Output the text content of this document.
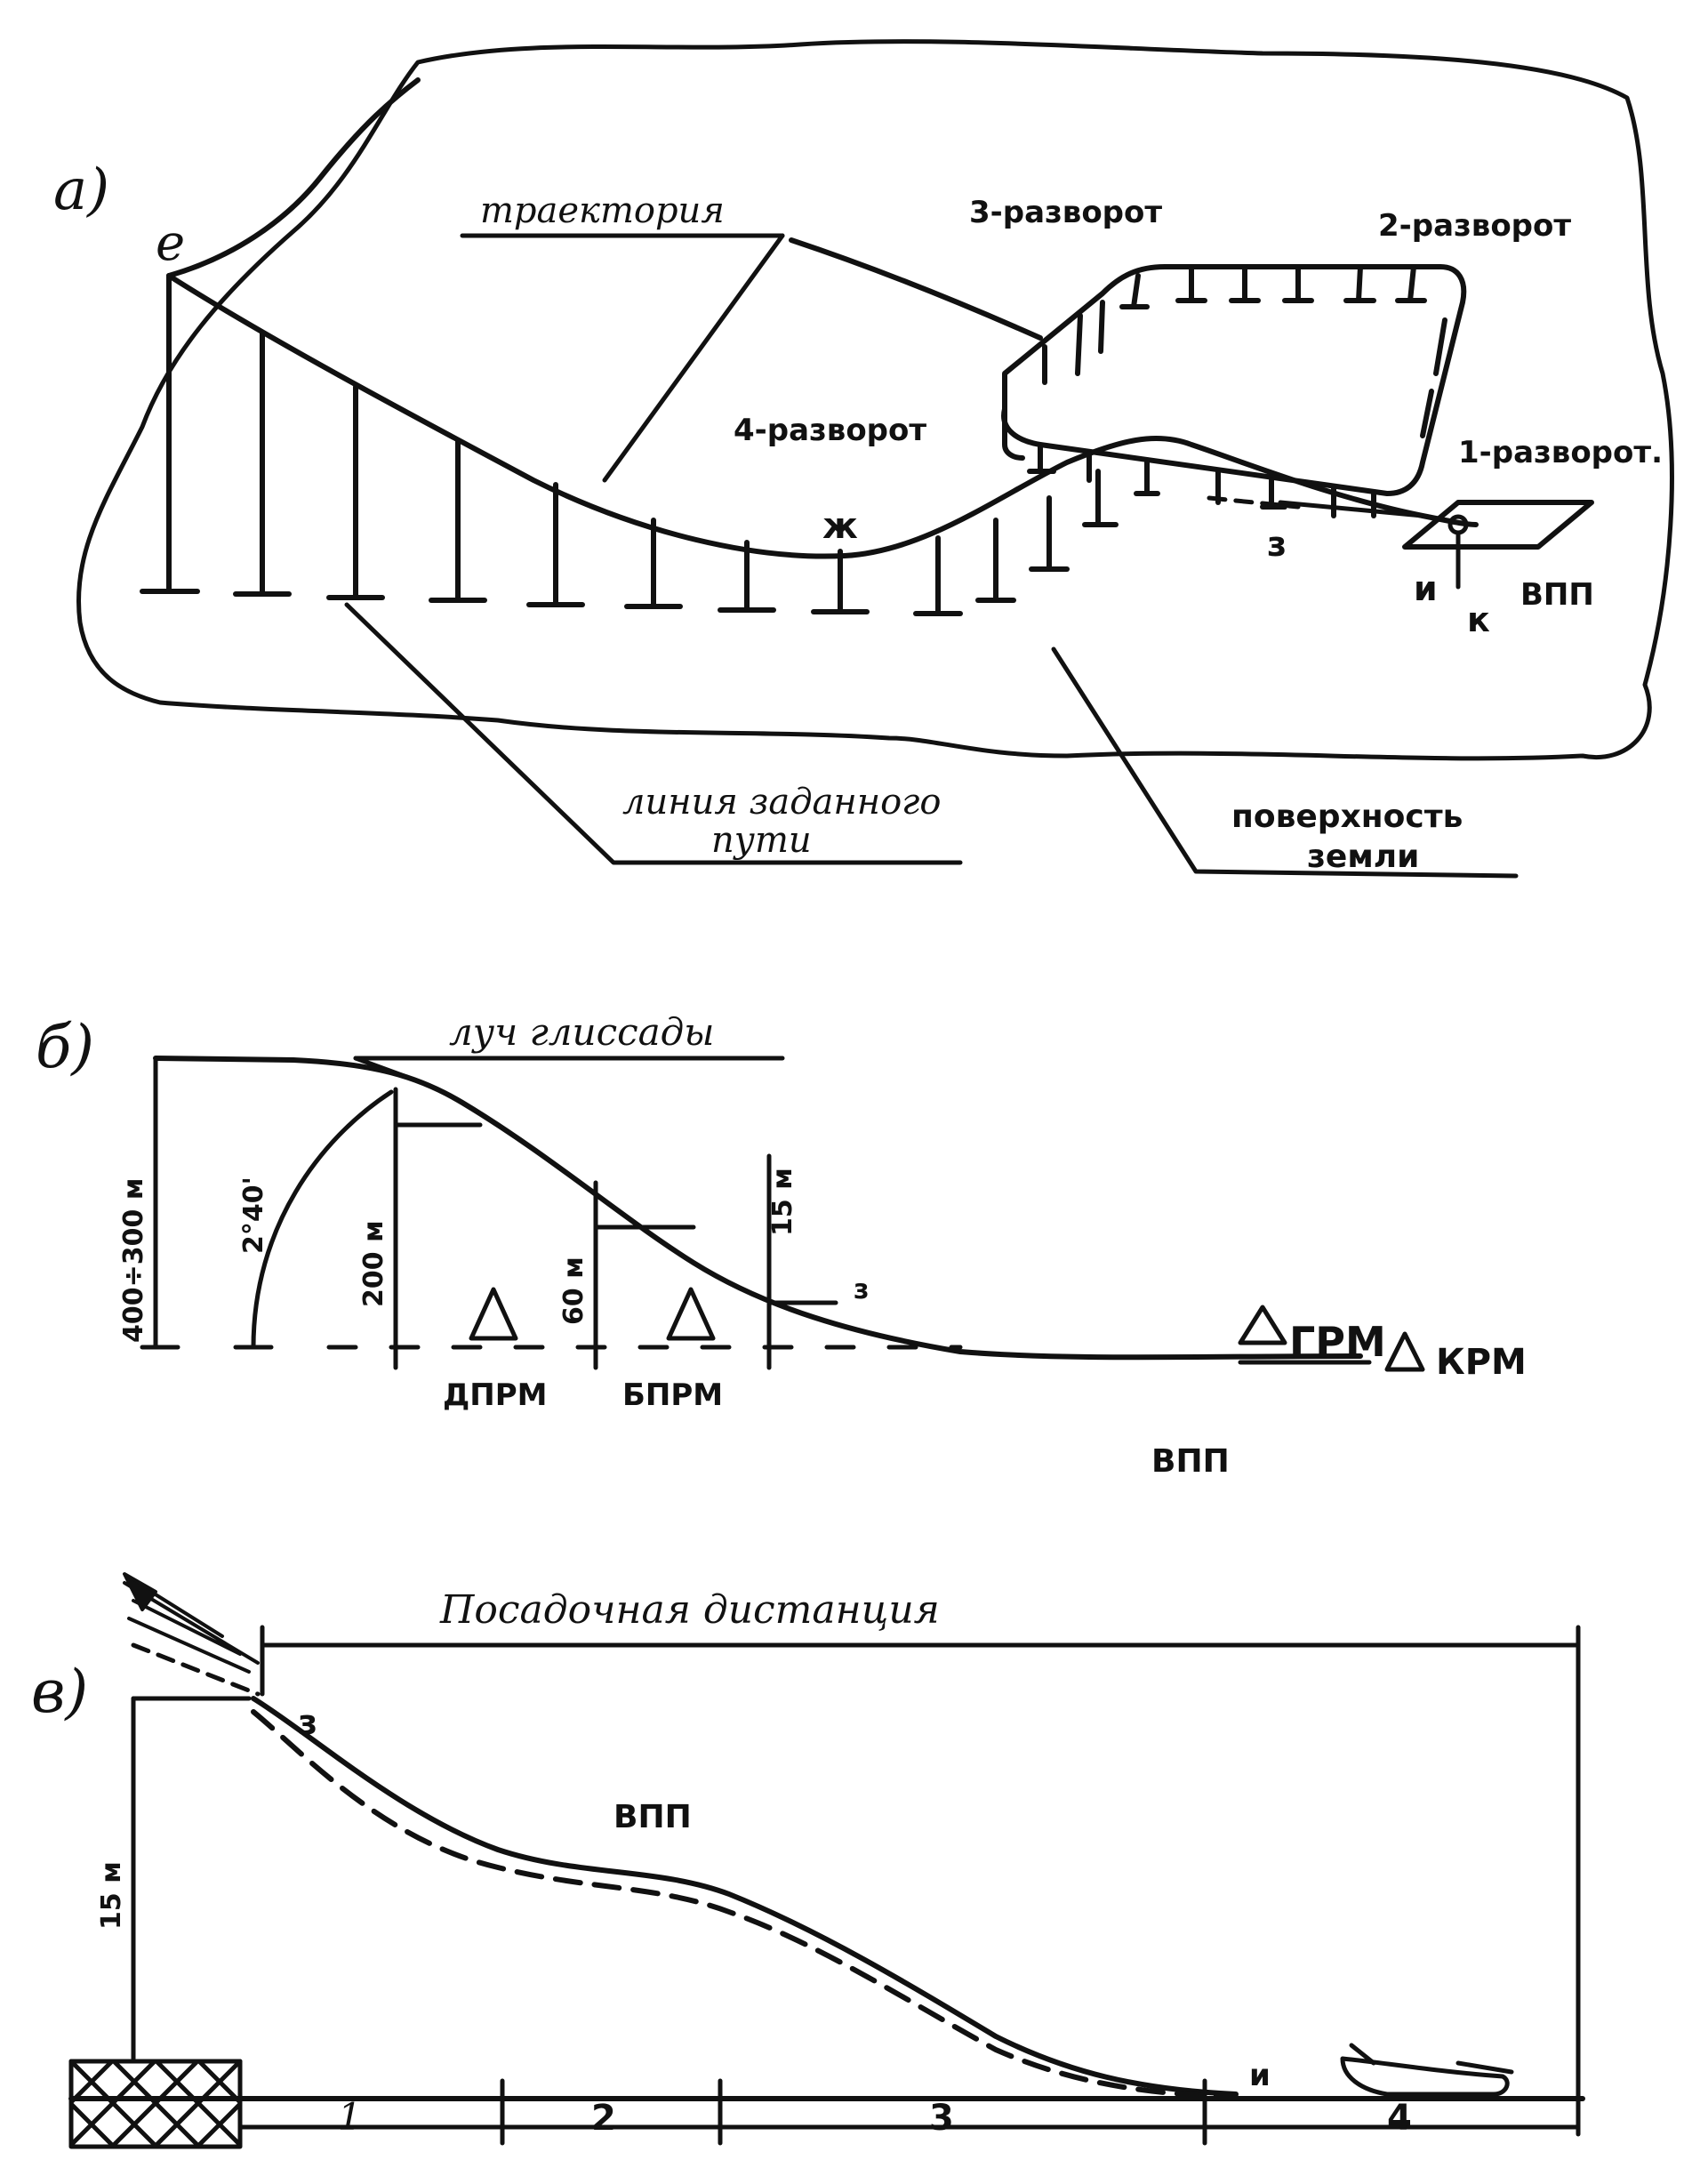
а)	траектория	3-разворот	2-разворот
4-разворот
1-разворот.
е
ж	з
и
к
ВПП
линия заданного
пути
поверхность
земли
б)	луч глиссады
400÷300 м	2°40'
200 м	60 м
15 м
з
ДПРМ БПРМ
ГРМ КРМ
ВПП
в)
Посадочная дистанция
15 м
1	2	3	4
з
ВПП
и
